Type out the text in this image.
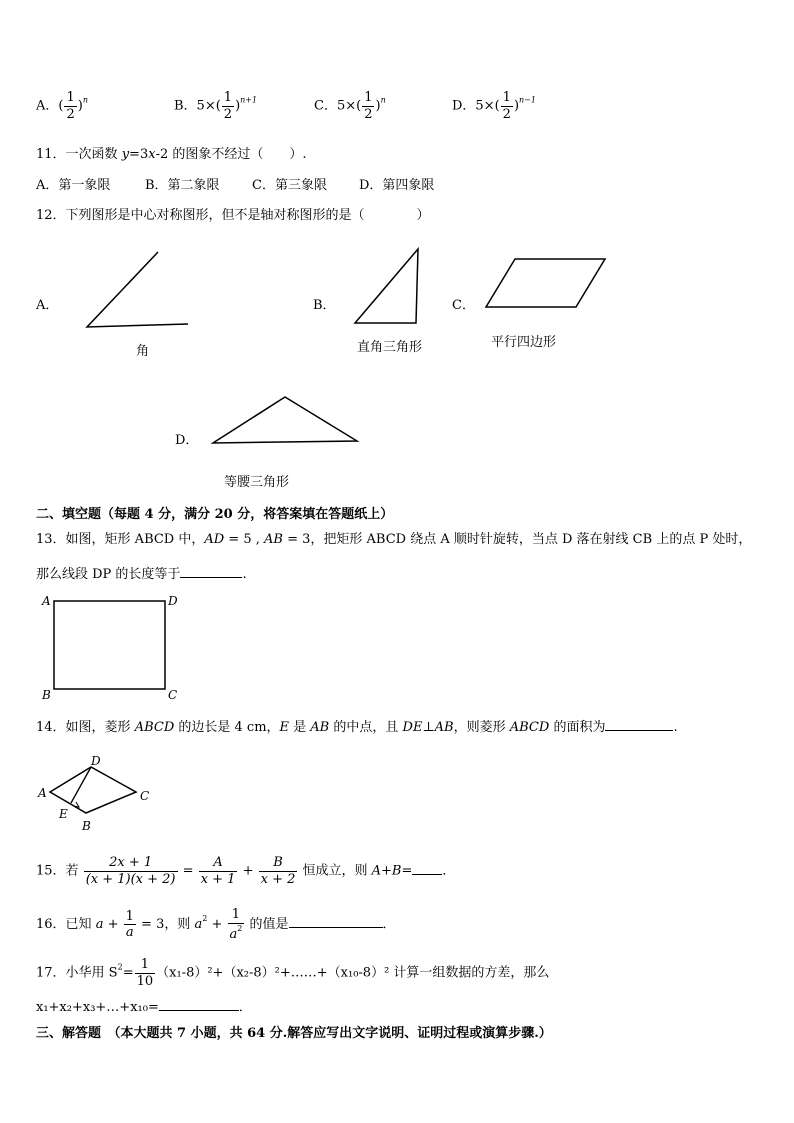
A．( $\frac{1}{2} )^n$	B．$5\times( \frac{1}{2} )^{n+1}$	C．$5\times( \frac{1}{2} )^n$	D．$5\times( \frac{1}{2} )^{n-1}$
11．一次函数 y=3x-2 的图象不经过（　　）.
A．第一象限	B．第二象限 C．第三象限 D．第四象限
12．下列图形是中心对称图形，但不是轴对称图形的是（　　　　）
A．
角
B．
直角三角形
C．
平行四边形
D．
等腰三角形
二、填空题（每题 4 分，满分 20 分，将答案填在答题纸上）
13．如图，矩形 ABCD 中，AD = 5 , AB = 3，把矩形 ABCD 绕点 A 顺时针旋转，当点 D 落在射线 CB 上的点 P 处时，
那么线段 DP 的长度等于	.
A	D
B	C
14．如图，菱形 ABCD 的边长是 4 cm，E 是 AB 的中点，且 DE⊥AB，则菱形 ABCD 的面积为	.
A
D
C
E
B
15．若 $\frac{2x + 1}{(x + 1)(x + 2)} = \frac{A}{x + 1} + \frac{B}{x + 2}$ 恒成立，则 A+B= ．
16．已知 $a + \frac{1}{a} = 3$，则 $a^2 + \frac{1}{a^2}$ 的值是	．
17．小华用 $S^2= \frac{1}{10}$ （x₁-8）²+（x₂-8）²+……+（x₁₀-8）² 计算一组数据的方差，那么
x₁+x₂+x₃+…+x₁₀=	．
三、解答题　（本大题共 7 小题，共 64 分.解答应写出文字说明、证明过程或演算步骤.）
